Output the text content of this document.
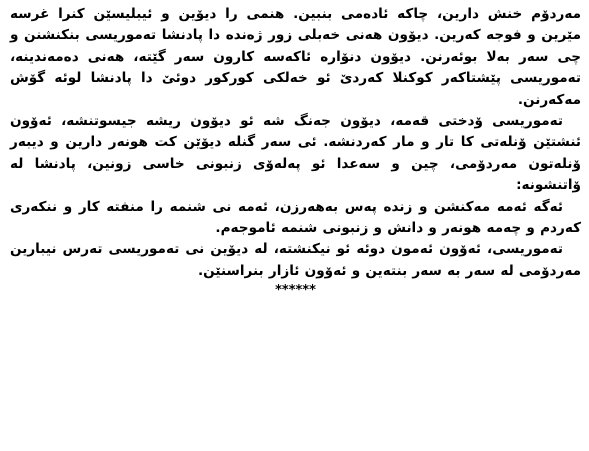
مەردۆم خنش دارین، چاکە ئادەمی بنبین. هنمی را دیۆین و ئیبلیسێن کنرا غرسە مێرین و فوجە کەرین. دیۆون هەنی خەبلی زور ژەندە دا پادنشا تەموریسی بنکنشنن و چی سەر بەلا بوئەرنن. دیۆون دنۆارە ئاکەسە کارون سەر گێتە، هەنی دەمەندینە، تەموریسی پێشتاکەر کوکنلا کەردێ ئو خەلکی کورکور دوئێ دا پادنشا لوئە گۆش مەکەرنن.

تەموریسی ۆدختی قەمە، دیۆون جەنگ شە ئو دیۆون ریشە جیسوتنشە، ئەۆون ئنشتێن ۆنلەتی کا تار و مار کەردنشە. ئی سەر گنلە دیۆێن کت هونەر دارین و دیبەر ۆنلەتون مەردۆمی، چین و سەعدا ئو پەلەۆی زنبونی خاسی زونین، پادنشا لە ۆاتنشونە:

ئەگە ئەمە مەکنشن و زندە پەس بەهەرزن، ئەمە نی شنمە را منفتە کار و ننکەری کەردم و چەمە هونەر و دانش و زنبونی شنمە ئاموجەم.

تەموریسی، ئەۆون ئەمون دوئە ئو نیکنشتە، لە دیۆین نی تەموریسی تەرس نیبارین مەردۆمی لە سەر بە سەر بنتەین و ئەۆون ئازار بنراسنێن.

******
